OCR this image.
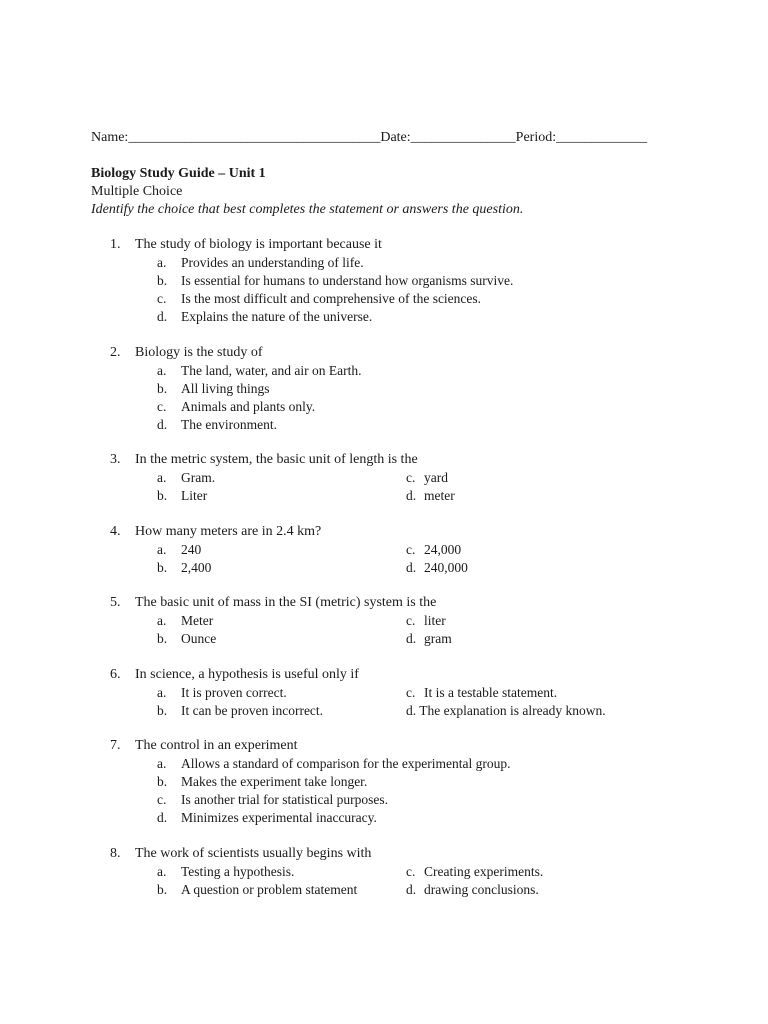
Name:____________________________________Date:_______________Period:_____________
Biology Study Guide – Unit 1
Multiple Choice
Identify the choice that best completes the statement or answers the question.
1. The study of biology is important because it
a. Provides an understanding of life.
b. Is essential for humans to understand how organisms survive.
c. Is the most difficult and comprehensive of the sciences.
d. Explains the nature of the universe.
2. Biology is the study of
a. The land, water, and air on Earth.
b. All living things
c. Animals and plants only.
d. The environment.
3. In the metric system, the basic unit of length is the
a. Gram.	c. yard
b. Liter	d. meter
4. How many meters are in 2.4 km?
a. 240	c. 24,000
b. 2,400	d. 240,000
5. The basic unit of mass in the SI (metric) system is the
a. Meter	c. liter
b. Ounce	d. gram
6. In science, a hypothesis is useful only if
a. It is proven correct.	c. It is a testable statement.
b. It can be proven incorrect.	d. The explanation is already known.
7. The control in an experiment
a. Allows a standard of comparison for the experimental group.
b. Makes the experiment take longer.
c. Is another trial for statistical purposes.
d. Minimizes experimental inaccuracy.
8. The work of scientists usually begins with
a. Testing a hypothesis.	c. Creating experiments.
b. A question or problem statement	d. drawing conclusions.
